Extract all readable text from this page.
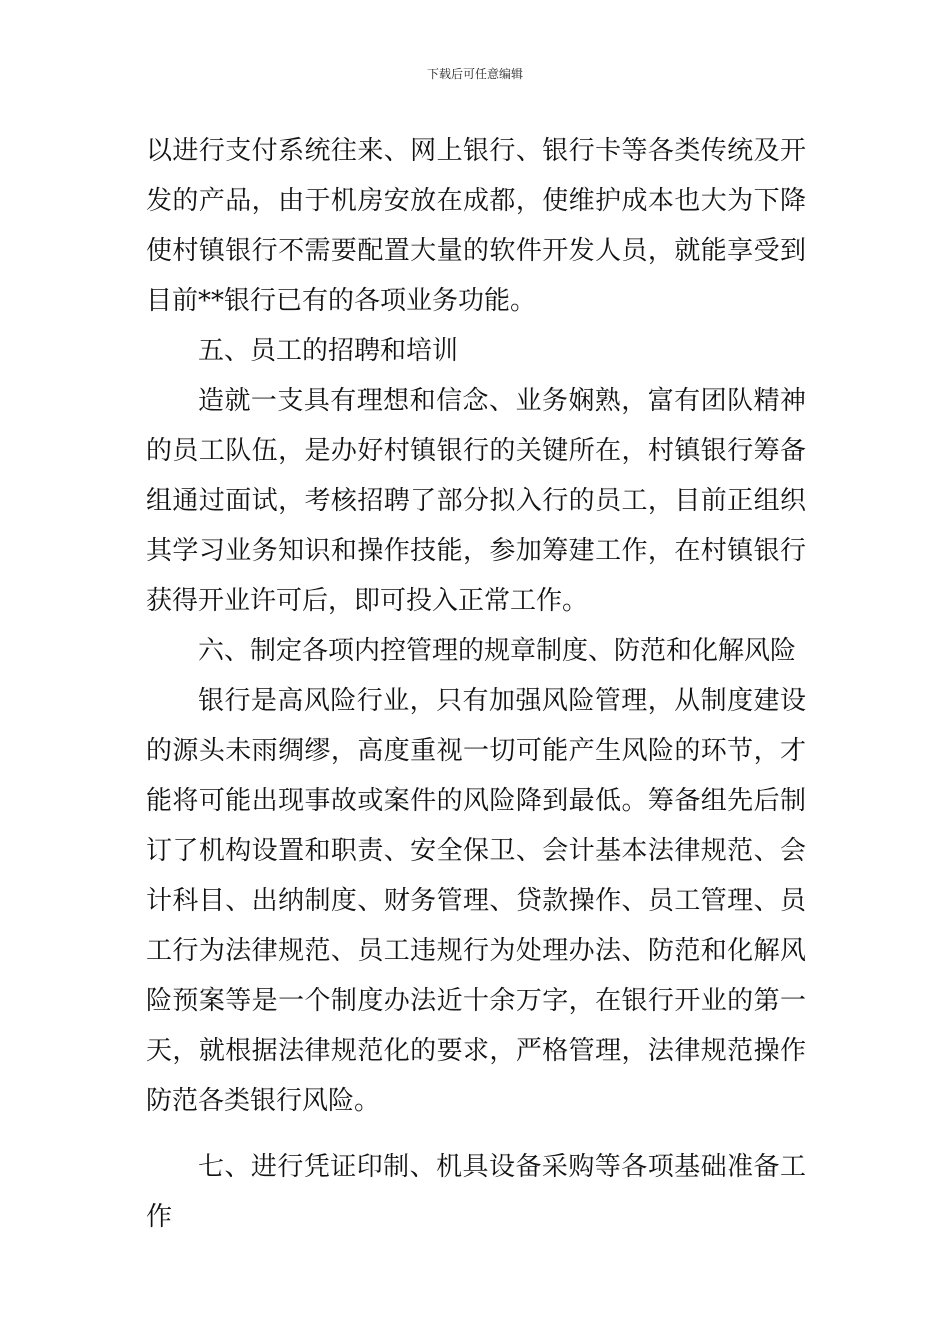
下载后可任意编辑

以进行支付系统往来、网上银行、银行卡等各类传统及开发的产品，由于机房安放在成都，使维护成本也大为下降使村镇银行不需要配置大量的软件开发人员，就能享受到目前**银行已有的各项业务功能。

五、员工的招聘和培训

造就一支具有理想和信念、业务娴熟，富有团队精神的员工队伍，是办好村镇银行的关键所在，村镇银行筹备组通过面试，考核招聘了部分拟入行的员工，目前正组织其学习业务知识和操作技能，参加筹建工作，在村镇银行获得开业许可后，即可投入正常工作。

六、制定各项内控管理的规章制度、防范和化解风险

银行是高风险行业，只有加强风险管理，从制度建设的源头未雨绸缪，高度重视一切可能产生风险的环节，才能将可能出现事故或案件的风险降到最低。筹备组先后制订了机构设置和职责、安全保卫、会计基本法律规范、会计科目、出纳制度、财务管理、贷款操作、员工管理、员工行为法律规范、员工违规行为处理办法、防范和化解风险预案等是一个制度办法近十余万字，在银行开业的第一天，就根据法律规范化的要求，严格管理，法律规范操作防范各类银行风险。

七、进行凭证印制、机具设备采购等各项基础准备工作
